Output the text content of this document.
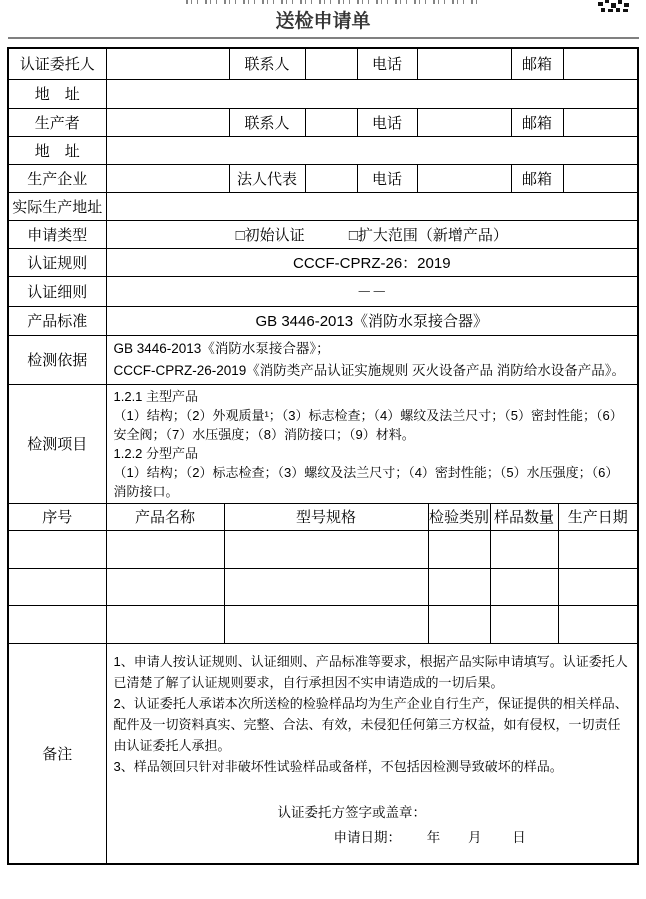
送检申请单
认证委托人			联系人		电话				邮箱		
地　址											
生产者			联系人		电话				邮箱		
地　址											
生产企业			法人代表		电话				邮箱		
实际生产地址											
申请类型	□初始认证 □扩大范围（新增产品）										
认证规则	CCCF-CPRZ-26：2019										
认证细则	－－										
产品标准	GB 3446-2013《消防水泵接合器》										
检测依据	GB 3446-2013《消防水泵接合器》；
CCCF-CPRZ-26-2019《消防类产品认证实施规则 灭火设备产品 消防给水设备产品》。										

检测项目	1.2.1 主型产品
（1）结构；（2）外观质量¹；（3）标志检查；（4）螺纹及法兰尺寸；（5）密封性能；（6）安全阀；（7）水压强度；（8）消防接口；（9）材料。
1.2.2 分型产品
（1）结构；（2）标志检查；（3）螺纹及法兰尺寸；（4）密封性能；（5）水压强度；（6）消防接口。										

序号	产品名称	型号规格					检验类别	样品数量		生产日期	

备注	1、申请人按认证规则、认证细则、产品标准等要求，根据产品实际申请填写。认证委托人已清楚了解了认证规则要求，自行承担因不实申请造成的一切后果。
2、认证委托人承诺本次所送检的检验样品均为生产企业自行生产，保证提供的相关样品、配件及一切资料真实、完整、合法、有效，未侵犯任何第三方权益，如有侵权，一切责任由认证委托人承担。
3、样品领回只针对非破坏性试验样品或备样，不包括因检测导致破坏的样品。
认证委托方签字或盖章：
申请日期： 年 月 日										
